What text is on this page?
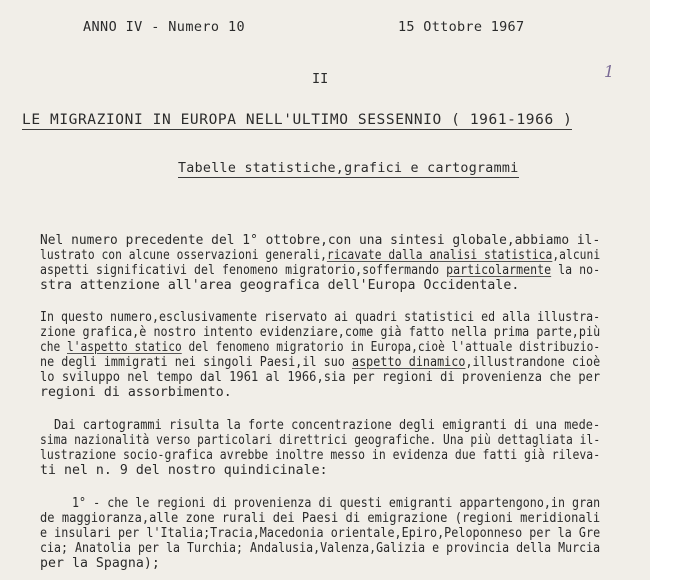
ANNO IV - Numero 10	15 Ottobre 1967
II	1
LE MIGRAZIONI IN EUROPA NELL'ULTIMO SESSENNIO ( 1961-1966 )
Tabelle statistiche,grafici e cartogrammi
Nel numero precedente del 1° ottobre,con una sintesi globale,abbiamo il-
lustrato con alcune osservazioni generali,ricavate dalla analisi statistica,alcuni
aspetti significativi del fenomeno migratorio,soffermando particolarmente la no-
stra attenzione all'area geografica dell'Europa Occidentale.
In questo numero,esclusivamente riservato ai quadri statistici ed alla illustra-
zione grafica,è nostro intento evidenziare,come già fatto nella prima parte,più
che l'aspetto statico del fenomeno migratorio in Europa,cioè l'attuale distribuzio-
ne degli immigrati nei singoli Paesi,il suo aspetto dinamico,illustrandone cioè
lo sviluppo nel tempo dal 1961 al 1966,sia per regioni di provenienza che per
regioni di assorbimento.
Dai cartogrammi risulta la forte concentrazione degli emigranti di una mede-
sima nazionalità verso particolari direttrici geografiche. Una più dettagliata il-
lustrazione socio-grafica avrebbe inoltre messo in evidenza due fatti già rileva-
ti nel n. 9 del nostro quindicinale:
1° - che le regioni di provenienza di questi emigranti appartengono,in gran
de maggioranza,alle zone rurali dei Paesi di emigrazione (regioni meridionali
e insulari per l'Italia;Tracia,Macedonia orientale,Epiro,Peloponneso per la Gre
cia; Anatolia per la Turchia; Andalusia,Valenza,Galizia e provincia della Murcia
per la Spagna);
